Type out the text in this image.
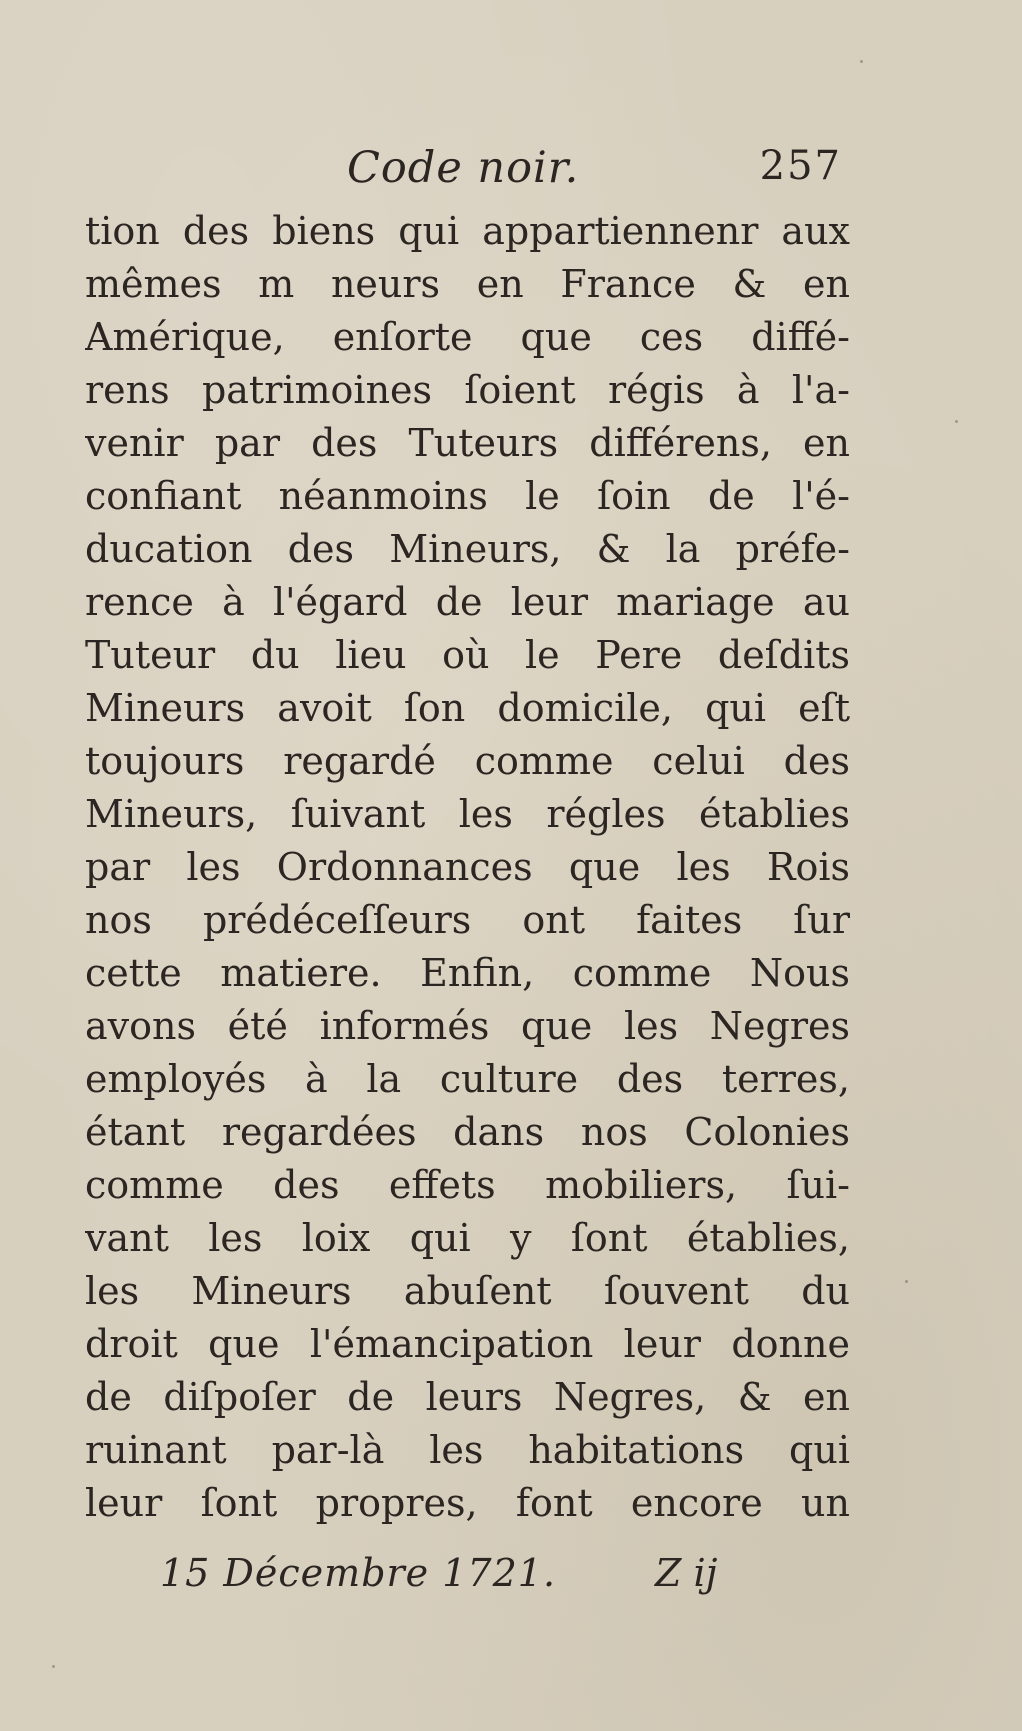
Code noir.	257
tion des biens qui appartiennenr aux
mêmes m neurs en France & en
Amérique, enſorte que ces diffé-
rens patrimoines ſoient régis à l'a-
venir par des Tuteurs différens, en
confiant néanmoins le ſoin de l'é-
ducation des Mineurs, & la préfe-
rence à l'égard de leur mariage au
Tuteur du lieu où le Pere deſdits
Mineurs avoit ſon domicile, qui eſt
toujours regardé comme celui des
Mineurs, ſuivant les régles établies
par les Ordonnances que les Rois
nos prédéceſſeurs ont faites ſur
cette matiere. Enfin, comme Nous
avons été informés que les Negres
employés à la culture des terres,
étant regardées dans nos Colonies
comme des effets mobiliers, ſui-
vant les loix qui y ſont établies,
les Mineurs abuſent ſouvent du
droit que l'émancipation leur donne
de diſpoſer de leurs Negres, & en
ruinant par-là les habitations qui
leur ſont propres, font encore un
15 Décembre 1721.	Z ij
